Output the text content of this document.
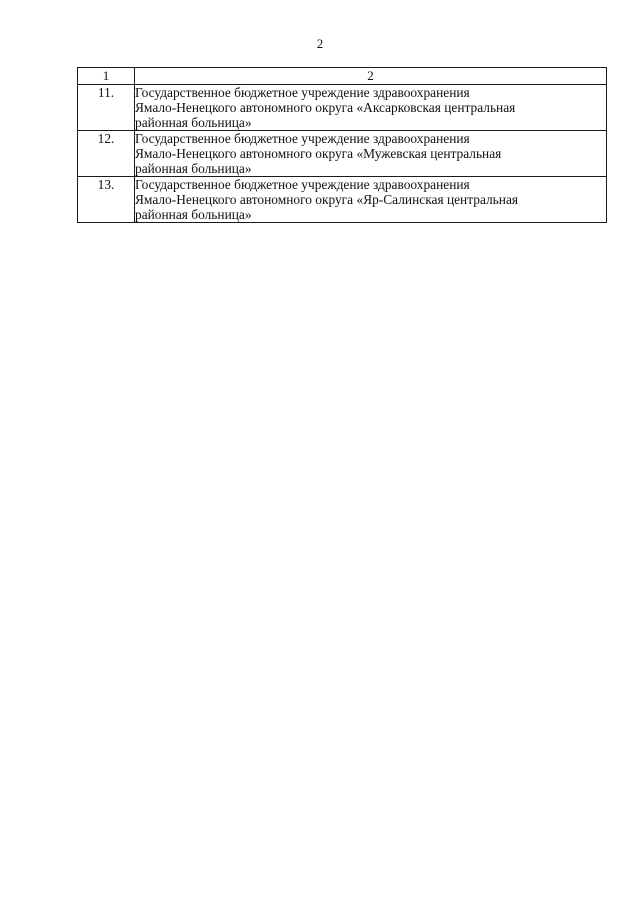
2
1	2
11.	Государственное бюджетное учреждение здравоохранения
Ямало-Ненецкого автономного округа «Аксарковская центральная
районная больница»
12.	Государственное бюджетное учреждение здравоохранения
Ямало-Ненецкого автономного округа «Мужевская центральная
районная больница»
13.	Государственное бюджетное учреждение здравоохранения
Ямало-Ненецкого автономного округа «Яр-Салинская центральная
районная больница»
